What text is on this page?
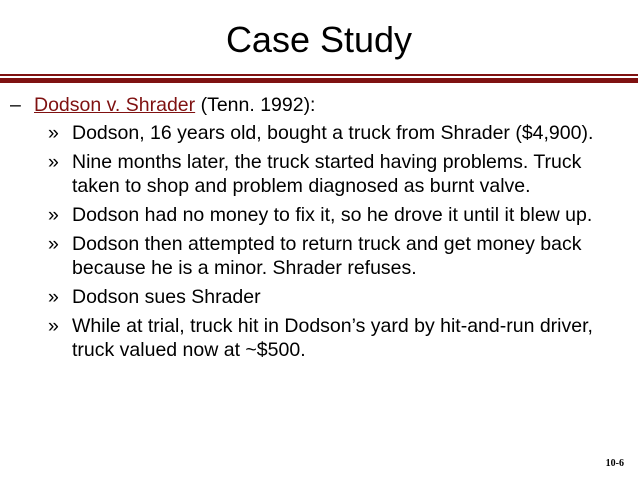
Case Study
– Dodson v. Shrader (Tenn. 1992):
» Dodson, 16 years old, bought a truck from Shrader ($4,900).
» Nine months later, the truck started having problems. Truck taken to shop and problem diagnosed as burnt valve.
» Dodson had no money to fix it, so he drove it until it blew up.
» Dodson then attempted to return truck and get money back because he is a minor. Shrader refuses.
» Dodson sues Shrader
» While at trial, truck hit in Dodson’s yard by hit-and-run driver, truck valued now at ~$500.
10-6
